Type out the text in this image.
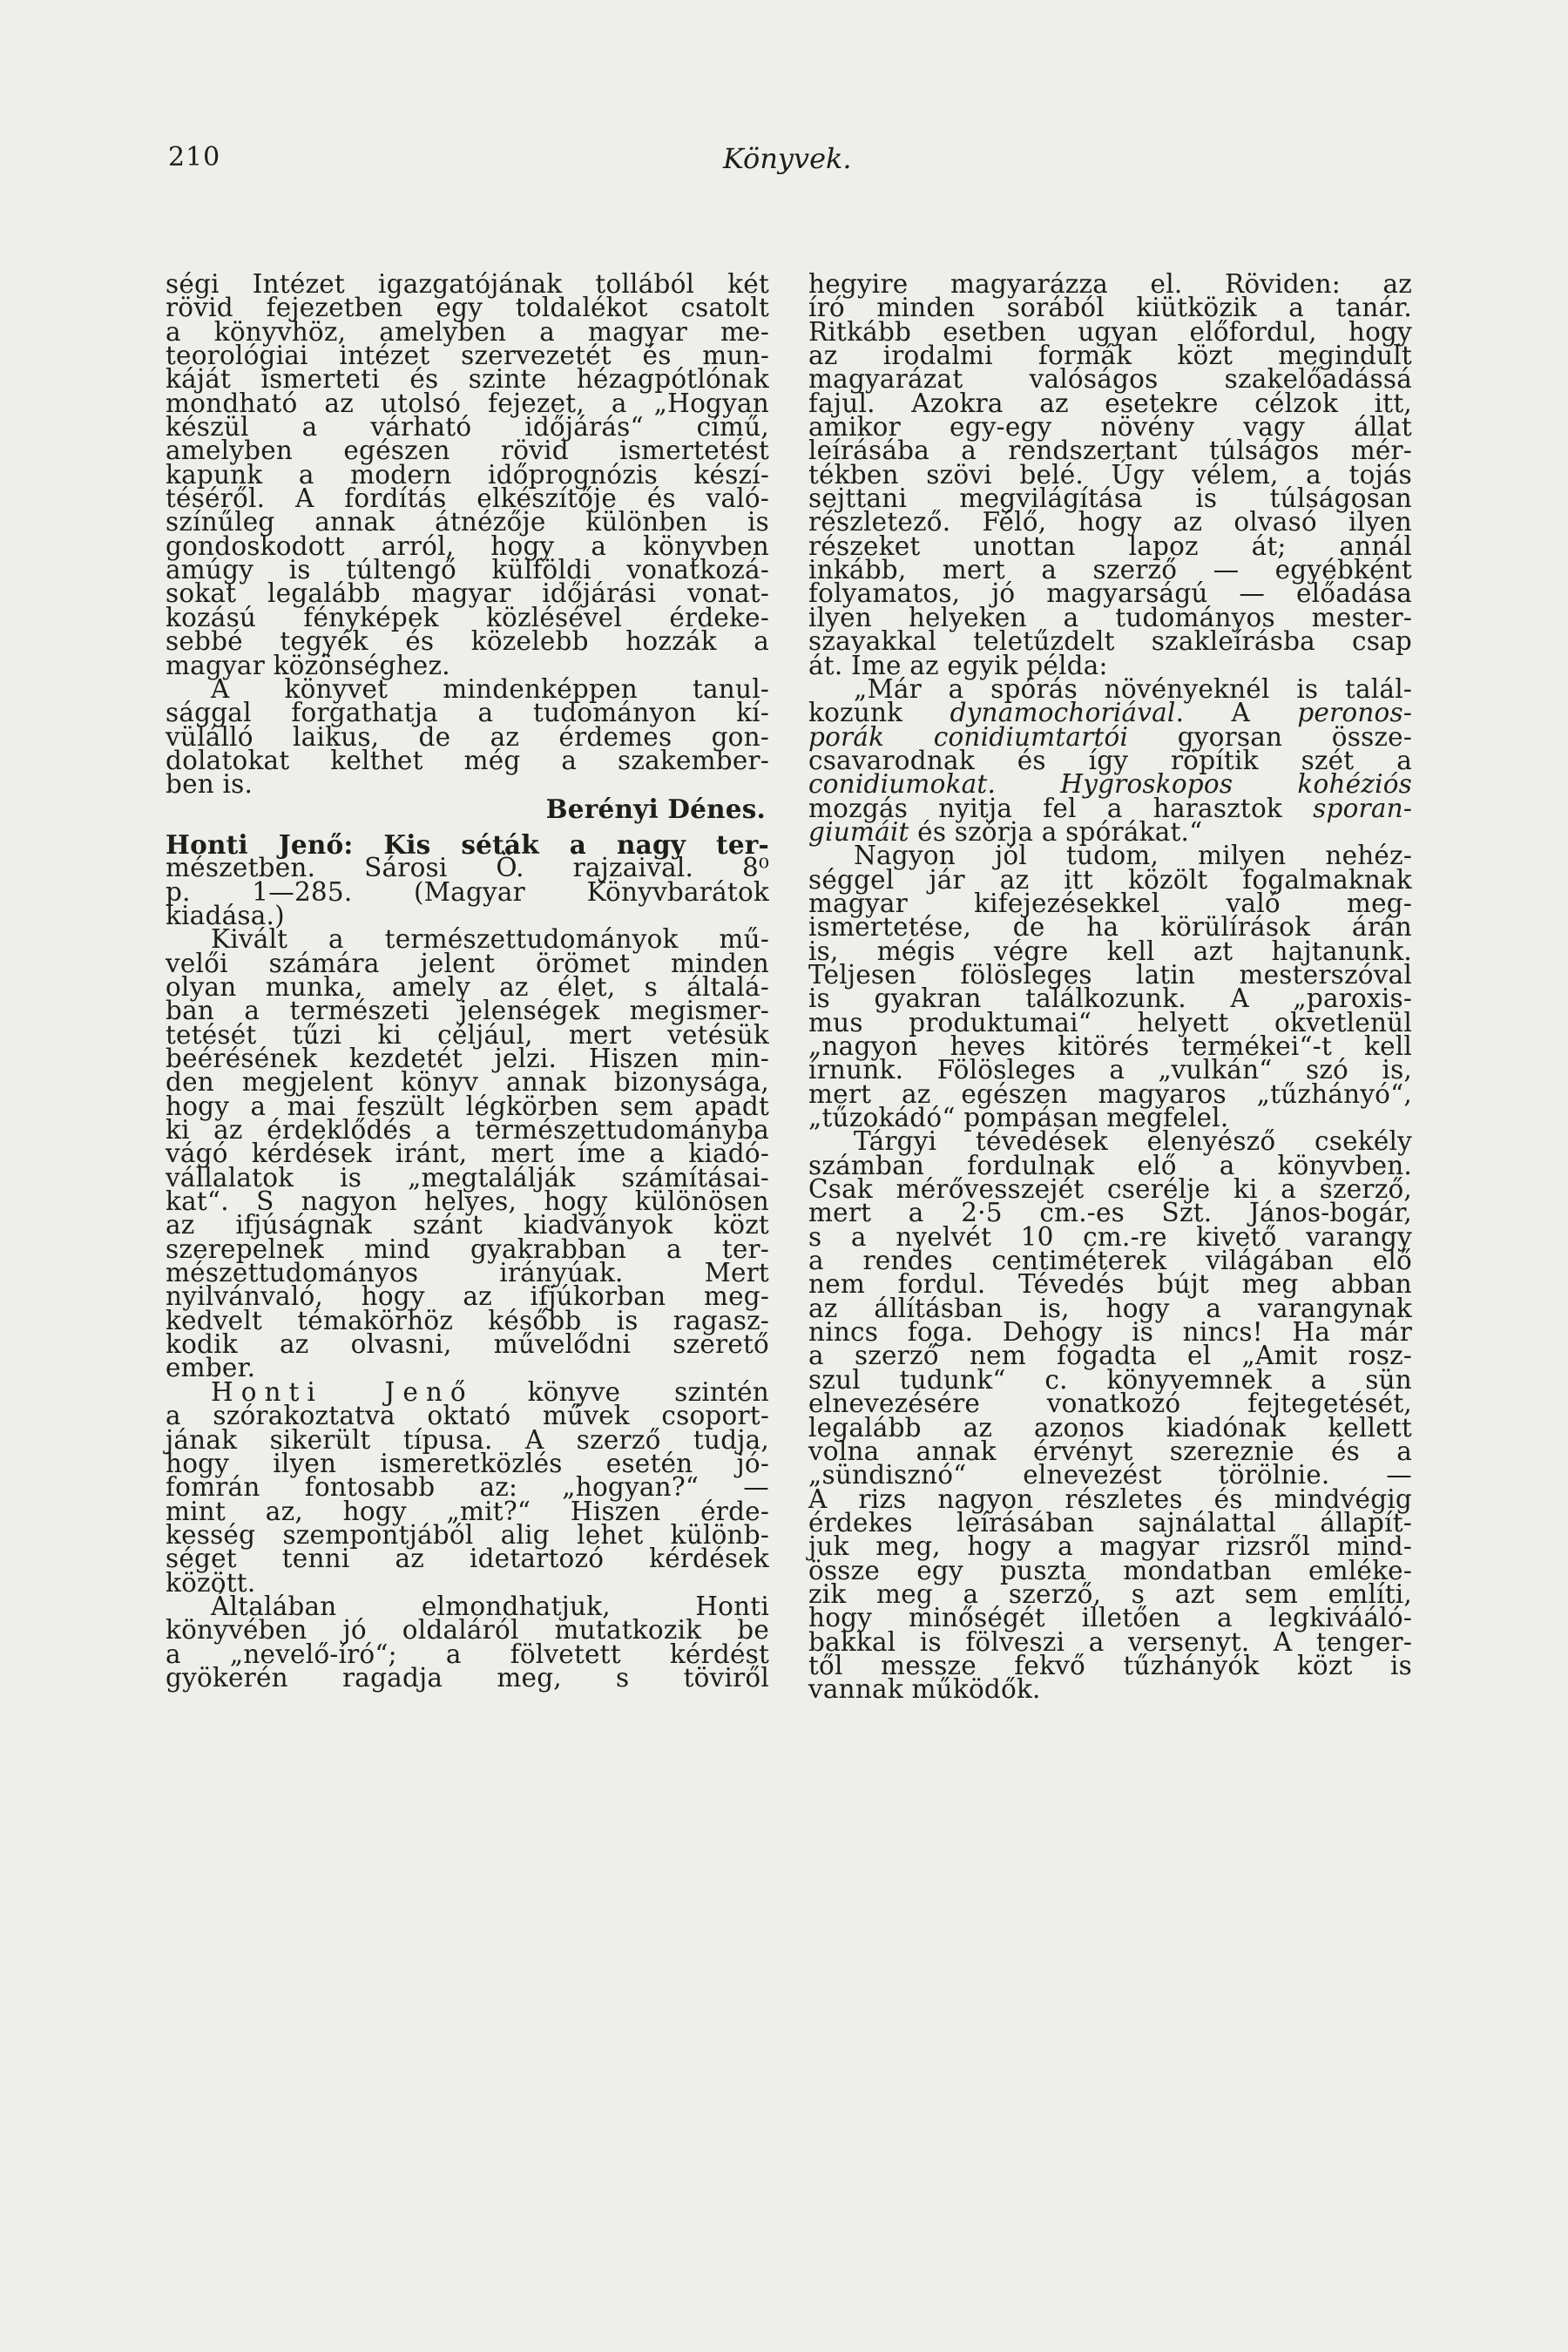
210	Könyvek.
ségi Intézet igazgatójának tollából két
rövid fejezetben egy toldalékot csatolt
a könyvhöz, amelyben a magyar me-
teorológiai intézet szervezetét és mun-
káját ismerteti és szinte hézagpótlónak
mondható az utolsó fejezet, a „Hogyan
készül a várható időjárás“ című,
amelyben egészen rövid ismertetést
kapunk a modern időprognózis készí-
téséről. A fordítás elkészítője és való-
színűleg annak átnézője különben is
gondoskodott arról, hogy a könyvben
amúgy is túltengő külföldi vonatkozá-
sokat legalább magyar időjárási vonat-
kozású fényképek közlésével érdeke-
sebbé tegyék és közelebb hozzák a
magyar közönséghez.
A könyvet mindenképpen tanul-
sággal forgathatja a tudományon kí-
vülálló laikus, de az érdemes gon-
dolatokat kelthet még a szakember-
ben is.
Berényi Dénes.
Honti Jenő: Kis séták a nagy ter-
mészetben. Sárosi Ö. rajzaival. 8⁰
p. 1—285. (Magyar Könyvbarátok
kiadása.)
Kivált a természettudományok mű-
velői számára jelent örömet minden
olyan munka, amely az élet, s általá-
ban a természeti jelenségek megismer-
tetését tűzi ki céljául, mert vetésük
beérésének kezdetét jelzi. Hiszen min-
den megjelent könyv annak bizonysága,
hogy a mai feszült légkörben sem apadt
ki az érdeklődés a természettudományba
vágó kérdések iránt, mert íme a kiadó-
vállalatok is „megtalálják számításai-
kat“. S nagyon helyes, hogy különösen
az ifjúságnak szánt kiadványok közt
szerepelnek mind gyakrabban a ter-
mészettudományos irányúak. Mert
nyilvánvaló, hogy az ifjúkorban meg-
kedvelt témakörhöz később is ragasz-
kodik az olvasni, művelődni szerető
ember.
Honti Jenő könyve szintén
a szórakoztatva oktató művek csoport-
jának sikerült típusa. A szerző tudja,
hogy ilyen ismeretközlés esetén jó-
fomrán fontosabb az: „hogyan?“ —
mint az, hogy „mit?“ Hiszen érde-
kesség szempontjából alig lehet különb-
séget tenni az idetartozó kérdések
között.
Általában elmondhatjuk, Honti
könyvében jó oldaláról mutatkozik be
a „nevelő-író“; a fölvetett kérdést
gyökerén ragadja meg, s töviről
hegyire magyarázza el. Röviden: az
író minden sorából kiütközik a tanár.
Ritkább esetben ugyan előfordul, hogy
az irodalmi formák közt megindult
magyarázat valóságos szakelőadássá
fajul. Azokra az esetekre célzok itt,
amikor egy-egy növény vagy állat
leírásába a rendszertant túlságos mér-
tékben szövi belé. Úgy vélem, a tojás
sejttani megvilágítása is túlságosan
részletező. Félő, hogy az olvasó ilyen
részeket unottan lapoz át; annál
inkább, mert a szerző — egyébként
folyamatos, jó magyarságú — előadása
ilyen helyeken a tudományos mester-
szavakkal teletűzdelt szakleírásba csap
át. Íme az egyik példa:
„Már a spórás növényeknél is talál-
kozunk dynamochoriával. A peronos-
porák conidiumtartói gyorsan össze-
csavarodnak és így röpítik szét a
conidiumokat. Hygroskopos kohéziós
mozgás nyitja fel a harasztok sporan-
giumáit és szórja a spórákat.“
Nagyon jól tudom, milyen nehéz-
séggel jár az itt közölt fogalmaknak
magyar kifejezésekkel való meg-
ismertetése, de ha körülírások árán
is, mégis végre kell azt hajtanunk.
Teljesen fölösleges latin mesterszóval
is gyakran találkozunk. A „paroxis-
mus produktumai“ helyett okvetlenül
„nagyon heves kitörés termékei“-t kell
írnunk. Fölösleges a „vulkán“ szó is,
mert az egészen magyaros „tűzhányó“,
„tűzokádó“ pompásan megfelel.
Tárgyi tévedések elenyésző csekély
számban fordulnak elő a könyvben.
Csak mérővesszejét cserélje ki a szerző,
mert a 2·5 cm.-es Szt. János-bogár,
s a nyelvét 10 cm.-re kivető varangy
a rendes centiméterek világában elő
nem fordul. Tévedés bújt meg abban
az állításban is, hogy a varangynak
nincs foga. Dehogy is nincs! Ha már
a szerző nem fogadta el „Amit rosz-
szul tudunk“ c. könyvemnek a sün
elnevezésére vonatkozó fejtegetését,
legalább az azonos kiadónak kellett
volna annak érvényt szereznie és a
„sündisznó“ elnevezést törölnie. —
A rizs nagyon részletes és mindvégig
érdekes leírásában sajnálattal állapít-
juk meg, hogy a magyar rizsről mind-
össze egy puszta mondatban emléke-
zik meg a szerző, s azt sem említi,
hogy minőségét illetően a legkivááló-
bakkal is fölveszi a versenyt. A tenger-
től messze fekvő tűzhányók közt is
vannak működők.
